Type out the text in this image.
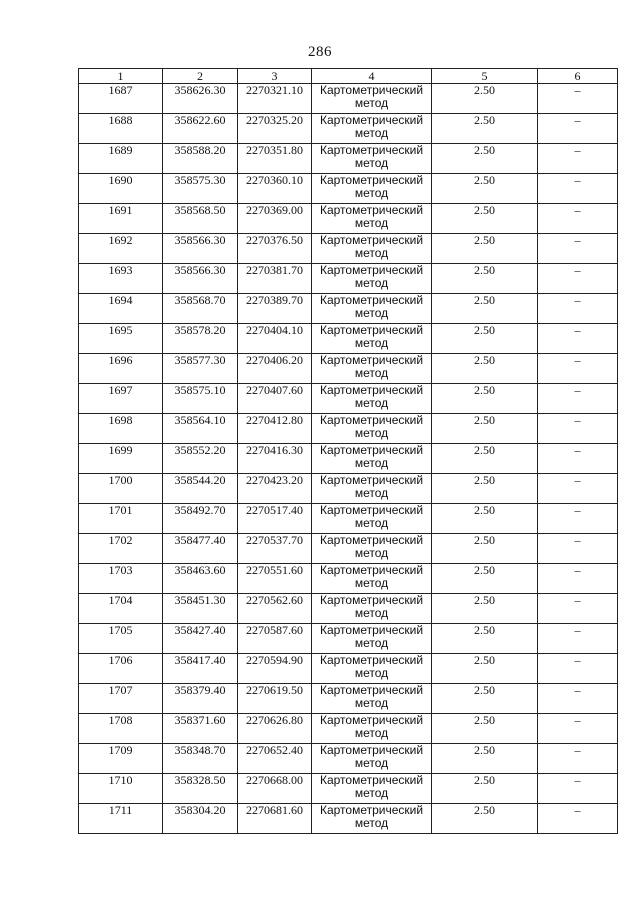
286
1	2	3	4	5	6
1687	358626.30	2270321.10	Картометрический метод	2.50	–
1688	358622.60	2270325.20	Картометрический метод	2.50	–
1689	358588.20	2270351.80	Картометрический метод	2.50	–
1690	358575.30	2270360.10	Картометрический метод	2.50	–
1691	358568.50	2270369.00	Картометрический метод	2.50	–
1692	358566.30	2270376.50	Картометрический метод	2.50	–
1693	358566.30	2270381.70	Картометрический метод	2.50	–
1694	358568.70	2270389.70	Картометрический метод	2.50	–
1695	358578.20	2270404.10	Картометрический метод	2.50	–
1696	358577.30	2270406.20	Картометрический метод	2.50	–
1697	358575.10	2270407.60	Картометрический метод	2.50	–
1698	358564.10	2270412.80	Картометрический метод	2.50	–
1699	358552.20	2270416.30	Картометрический метод	2.50	–
1700	358544.20	2270423.20	Картометрический метод	2.50	–
1701	358492.70	2270517.40	Картометрический метод	2.50	–
1702	358477.40	2270537.70	Картометрический метод	2.50	–
1703	358463.60	2270551.60	Картометрический метод	2.50	–
1704	358451.30	2270562.60	Картометрический метод	2.50	–
1705	358427.40	2270587.60	Картометрический метод	2.50	–
1706	358417.40	2270594.90	Картометрический метод	2.50	–
1707	358379.40	2270619.50	Картометрический метод	2.50	–
1708	358371.60	2270626.80	Картометрический метод	2.50	–
1709	358348.70	2270652.40	Картометрический метод	2.50	–
1710	358328.50	2270668.00	Картометрический метод	2.50	–
1711	358304.20	2270681.60	Картометрический метод	2.50	–
